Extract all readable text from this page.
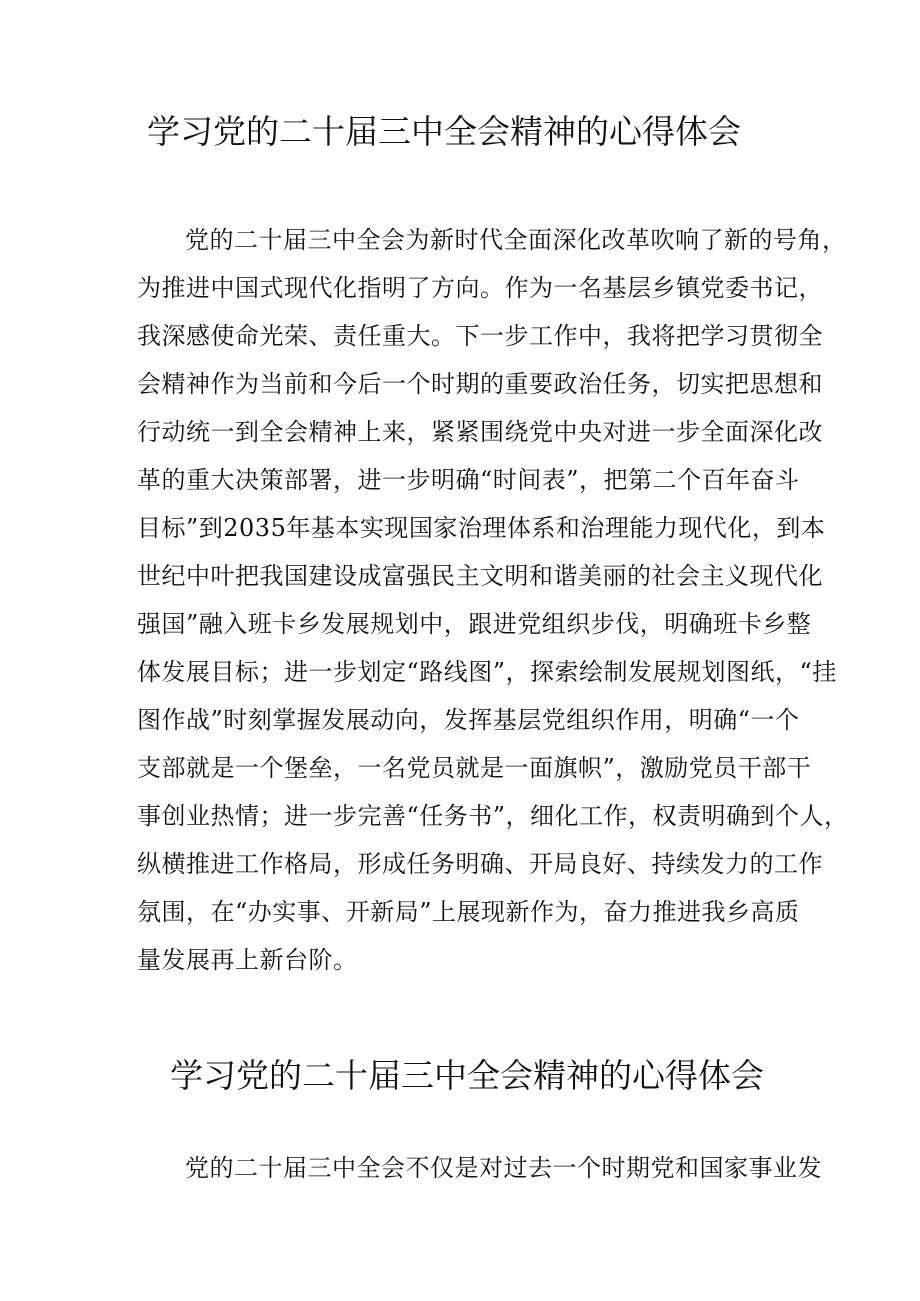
学习党的二十届三中全会精神的心得体会
党的二十届三中全会为新时代全面深化改革吹响了新的号角，
为推进中国式现代化指明了方向。作为一名基层乡镇党委书记，
我深感使命光荣、责任重大。下一步工作中，我将把学习贯彻全
会精神作为当前和今后一个时期的重要政治任务，切实把思想和
行动统一到全会精神上来，紧紧围绕党中央对进一步全面深化改
革的重大决策部署，进一步明确“时间表”，把第二个百年奋斗
目标”到2035年基本实现国家治理体系和治理能力现代化，到本
世纪中叶把我国建设成富强民主文明和谐美丽的社会主义现代化
强国”融入班卡乡发展规划中，跟进党组织步伐，明确班卡乡整
体发展目标；进一步划定“路线图”，探索绘制发展规划图纸，“挂
图作战”时刻掌握发展动向，发挥基层党组织作用，明确“一个
支部就是一个堡垒，一名党员就是一面旗帜”，激励党员干部干
事创业热情；进一步完善“任务书”，细化工作，权责明确到个人，
纵横推进工作格局，形成任务明确、开局良好、持续发力的工作
氛围，在“办实事、开新局”上展现新作为，奋力推进我乡高质
量发展再上新台阶。
学习党的二十届三中全会精神的心得体会
党的二十届三中全会不仅是对过去一个时期党和国家事业发
